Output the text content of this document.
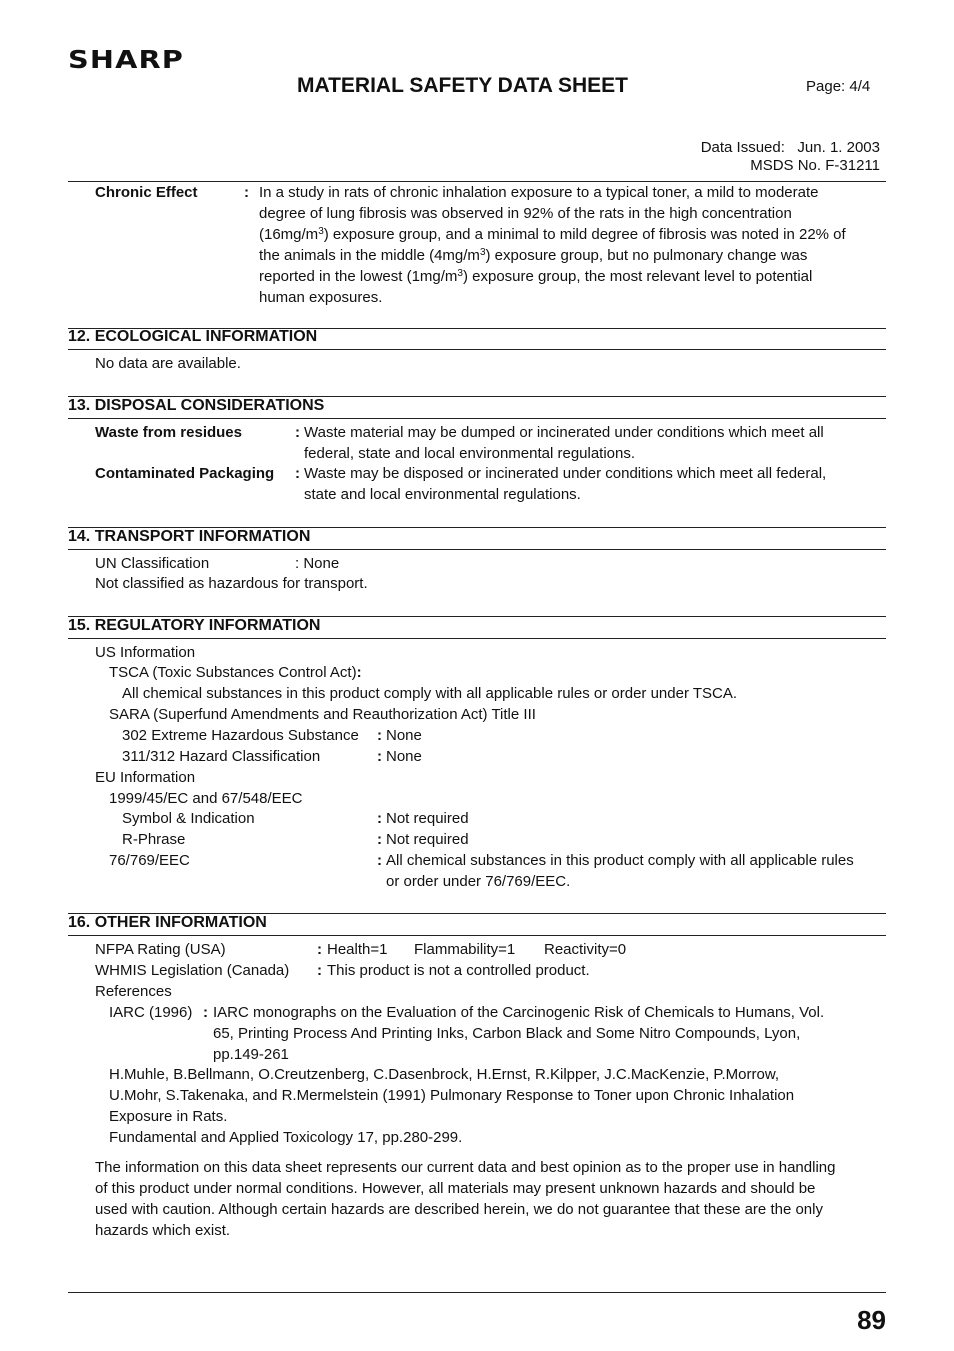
SHARP
MATERIAL SAFETY DATA SHEET	Page: 4/4
Data Issued: Jun. 1. 2003
MSDS No. F-31211
Chronic Effect	: In a study in rats of chronic inhalation exposure to a typical toner, a mild to moderate
degree of lung fibrosis was observed in 92% of the rats in the high concentration
$(16mg/m^3)$ exposure group, and a minimal to mild degree of fibrosis was noted in 22% of
the animals in the middle $(4mg/m^3)$ exposure group, but no pulmonary change was
reported in the lowest $(1mg/m^3)$ exposure group, the most relevant level to potential
human exposures.
12. ECOLOGICAL INFORMATION
No data are available.
13. DISPOSAL CONSIDERATIONS
Waste from residues	: Waste material may be dumped or incinerated under conditions which meet all
federal, state and local environmental regulations.
Contaminated Packaging : Waste may be disposed or incinerated under conditions which meet all federal,
state and local environmental regulations.
14. TRANSPORT INFORMATION
UN Classification	: None
Not classified as hazardous for transport.
15. REGULATORY INFORMATION
US Information
TSCA (Toxic Substances Control Act):
All chemical substances in this product comply with all applicable rules or order under TSCA.
SARA (Superfund Amendments and Reauthorization Act) Title III
302 Extreme Hazardous Substance : None
311/312 Hazard Classification	: None
EU Information
1999/45/EC and 67/548/EEC
Symbol & Indication	: Not required
R-Phrase	: Not required
76/769/EEC	: All chemical substances in this product comply with all applicable rules
or order under 76/769/EEC.
16. OTHER INFORMATION
NFPA Rating (USA)	: Health=1 Flammability=1 Reactivity=0
WHMIS Legislation (Canada) : This product is not a controlled product.
References
IARC (1996) : IARC monographs on the Evaluation of the Carcinogenic Risk of Chemicals to Humans, Vol.
65, Printing Process And Printing Inks, Carbon Black and Some Nitro Compounds, Lyon,
pp.149-261
H.Muhle, B.Bellmann, O.Creutzenberg, C.Dasenbrock, H.Ernst, R.Kilpper, J.C.MacKenzie, P.Morrow,
U.Mohr, S.Takenaka, and R.Mermelstein (1991) Pulmonary Response to Toner upon Chronic Inhalation
Exposure in Rats.
Fundamental and Applied Toxicology 17, pp.280-299.
The information on this data sheet represents our current data and best opinion as to the proper use in handling
of this product under normal conditions. However, all materials may present unknown hazards and should be
used with caution. Although certain hazards are described herein, we do not guarantee that these are the only
hazards which exist.
89
